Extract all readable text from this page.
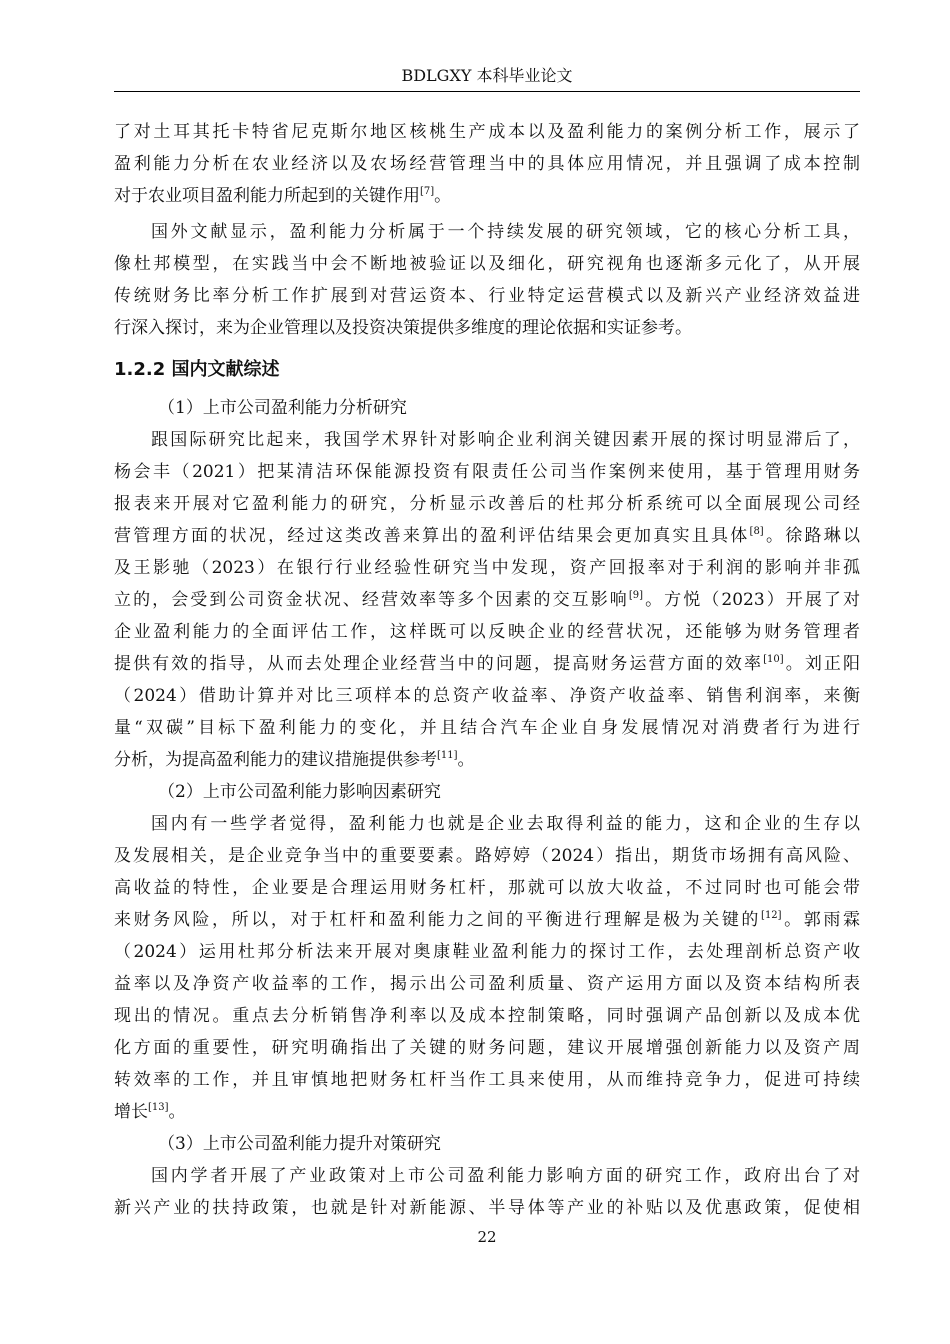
BDLGXY 本科毕业论文
了对土耳其托卡特省尼克斯尔地区核桃生产成本以及盈利能力的案例分析工作，展示了
盈利能力分析在农业经济以及农场经营管理当中的具体应用情况，并且强调了成本控制
对于农业项目盈利能力所起到的关键作用[7]。
国外文献显示，盈利能力分析属于一个持续发展的研究领域，它的核心分析工具，
像杜邦模型，在实践当中会不断地被验证以及细化，研究视角也逐渐多元化了，从开展
传统财务比率分析工作扩展到对营运资本、行业特定运营模式以及新兴产业经济效益进
行深入探讨，来为企业管理以及投资决策提供多维度的理论依据和实证参考。
1.2.2 国内文献综述
（1）上市公司盈利能力分析研究
跟国际研究比起来，我国学术界针对影响企业利润关键因素开展的探讨明显滞后了，
杨会丰（2021）把某清洁环保能源投资有限责任公司当作案例来使用，基于管理用财务
报表来开展对它盈利能力的研究，分析显示改善后的杜邦分析系统可以全面展现公司经
营管理方面的状况，经过这类改善来算出的盈利评估结果会更加真实且具体[8]。徐路琳以
及王影驰（2023）在银行行业经验性研究当中发现，资产回报率对于利润的影响并非孤
立的，会受到公司资金状况、经营效率等多个因素的交互影响[9]。方悦（2023）开展了对
企业盈利能力的全面评估工作，这样既可以反映企业的经营状况，还能够为财务管理者
提供有效的指导，从而去处理企业经营当中的问题，提高财务运营方面的效率[10]。刘正阳
（2024）借助计算并对比三项样本的总资产收益率、净资产收益率、销售利润率，来衡
量“双碳”目标下盈利能力的变化，并且结合汽车企业自身发展情况对消费者行为进行
分析，为提高盈利能力的建议措施提供参考[11]。
（2）上市公司盈利能力影响因素研究
国内有一些学者觉得，盈利能力也就是企业去取得利益的能力，这和企业的生存以
及发展相关，是企业竞争当中的重要要素。路婷婷（2024）指出，期货市场拥有高风险、
高收益的特性，企业要是合理运用财务杠杆，那就可以放大收益，不过同时也可能会带
来财务风险，所以，对于杠杆和盈利能力之间的平衡进行理解是极为关键的[12]。郭雨霖
（2024）运用杜邦分析法来开展对奥康鞋业盈利能力的探讨工作，去处理剖析总资产收
益率以及净资产收益率的工作，揭示出公司盈利质量、资产运用方面以及资本结构所表
现出的情况。重点去分析销售净利率以及成本控制策略，同时强调产品创新以及成本优
化方面的重要性，研究明确指出了关键的财务问题，建议开展增强创新能力以及资产周
转效率的工作，并且审慎地把财务杠杆当作工具来使用，从而维持竞争力，促进可持续
增长[13]。
（3）上市公司盈利能力提升对策研究
国内学者开展了产业政策对上市公司盈利能力影响方面的研究工作，政府出台了对
新兴产业的扶持政策，也就是针对新能源、半导体等产业的补贴以及优惠政策，促使相
22
